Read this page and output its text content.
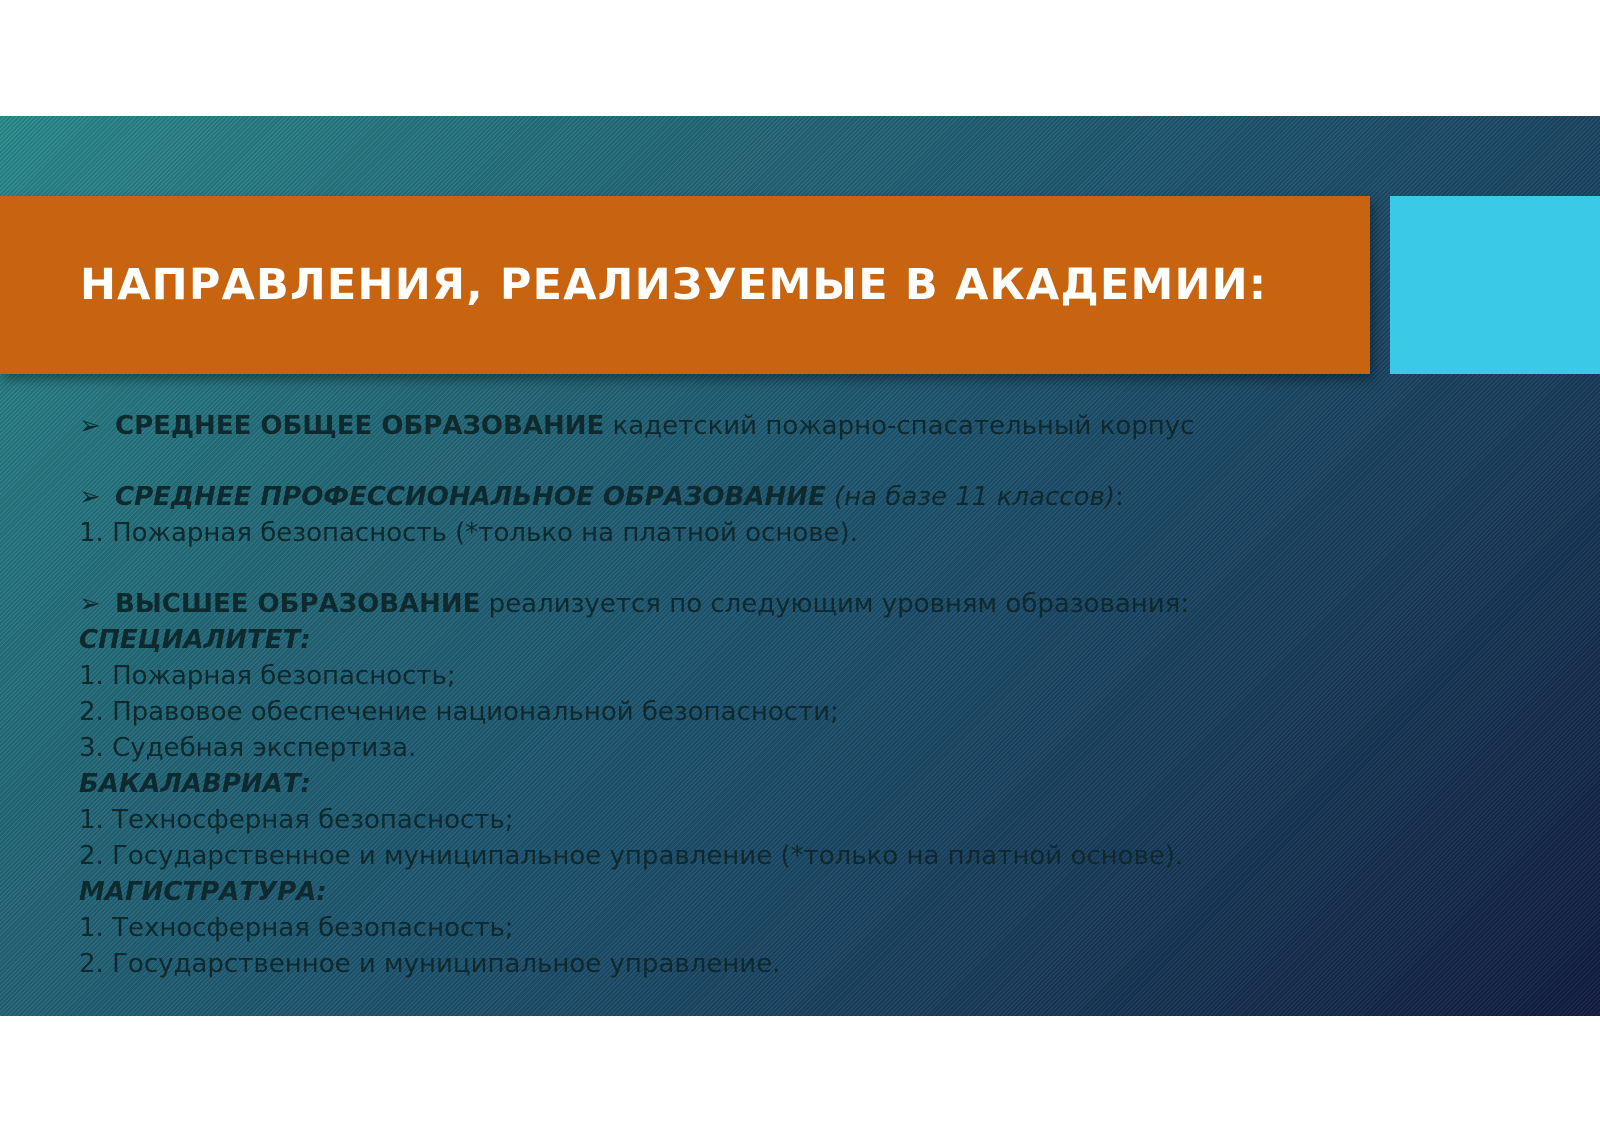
НАПРАВЛЕНИЯ, РЕАЛИЗУЕМЫЕ В АКАДЕМИИ:
➢ СРЕДНЕЕ ОБЩЕЕ ОБРАЗОВАНИЕ кадетский пожарно-спасательный корпус
➢ СРЕДНЕЕ ПРОФЕССИОНАЛЬНОЕ ОБРАЗОВАНИЕ (на базе 11 классов):
1. Пожарная безопасность (*только на платной основе).
➢ ВЫСШЕЕ ОБРАЗОВАНИЕ реализуется по следующим уровням образования:
СПЕЦИАЛИТЕТ:
1. Пожарная безопасность;
2. Правовое обеспечение национальной безопасности;
3. Судебная экспертиза.
БАКАЛАВРИАТ:
1. Техносферная безопасность;
2. Государственное и муниципальное управление (*только на платной основе).
МАГИСТРАТУРА:
1. Техносферная безопасность;
2. Государственное и муниципальное управление.
